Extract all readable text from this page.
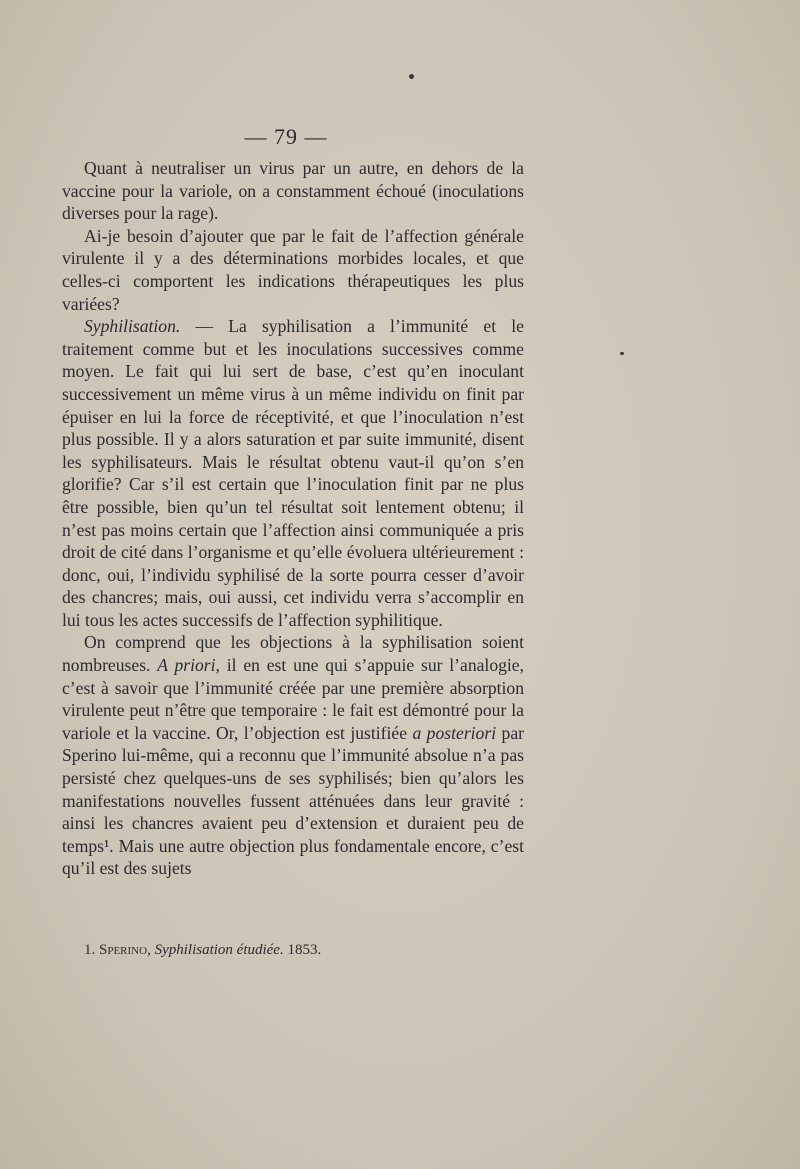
— 79 —

Quant à neutraliser un virus par un autre, en dehors de la vaccine pour la variole, on a constamment échoué (inoculations diverses pour la rage).

Ai-je besoin d’ajouter que par le fait de l’affection générale virulente il y a des déterminations morbides locales, et que celles-ci comportent les indications thérapeutiques les plus variées?

Syphilisation. — La syphilisation a l’immunité et le traitement comme but et les inoculations successives comme moyen. Le fait qui lui sert de base, c’est qu’en inoculant successivement un même virus à un même individu on finit par épuiser en lui la force de réceptivité, et que l’inoculation n’est plus possible. Il y a alors saturation et par suite immunité, disent les syphilisateurs. Mais le résultat obtenu vaut-il qu’on s’en glorifie? Car s’il est certain que l’inoculation finit par ne plus être possible, bien qu’un tel résultat soit lentement obtenu; il n’est pas moins certain que l’affection ainsi communiquée a pris droit de cité dans l’organisme et qu’elle évoluera ultérieurement : donc, oui, l’individu syphilisé de la sorte pourra cesser d’avoir des chancres; mais, oui aussi, cet individu verra s’accomplir en lui tous les actes successifs de l’affection syphilitique.

On comprend que les objections à la syphilisation soient nombreuses. A priori, il en est une qui s’appuie sur l’analogie, c’est à savoir que l’immunité créée par une première absorption virulente peut n’être que temporaire : le fait est démontré pour la variole et la vaccine. Or, l’objection est justifiée a posteriori par Sperino lui-même, qui a reconnu que l’immunité absolue n’a pas persisté chez quelques-uns de ses syphilisés; bien qu’alors les manifestations nouvelles fussent atténuées dans leur gravité : ainsi les chancres avaient peu d’extension et duraient peu de temps¹. Mais une autre objection plus fondamentale encore, c’est qu’il est des sujets

1. Sperino, Syphilisation étudiée. 1853.
